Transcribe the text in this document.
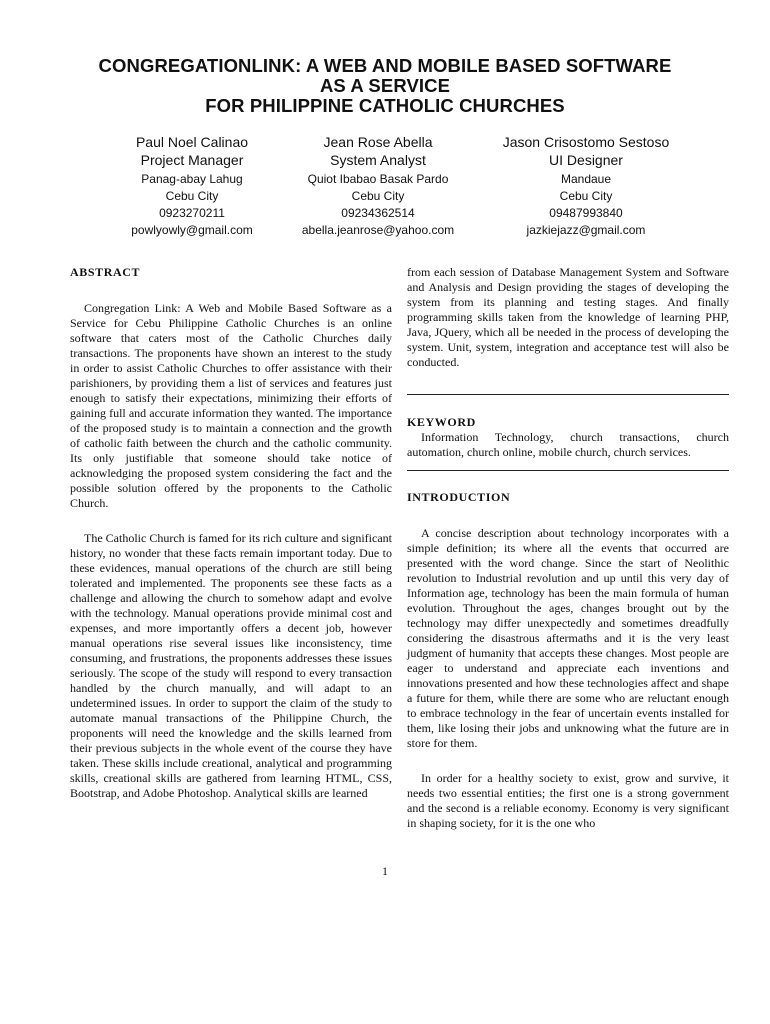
CONGREGATIONLINK: A WEB AND MOBILE BASED SOFTWARE
AS A SERVICE
FOR PHILIPPINE CATHOLIC CHURCHES
Paul Noel Calinao
Project Manager
Panag-abay Lahug
Cebu City
0923270211
powlyowly@gmail.com
Jean Rose Abella
System Analyst
Quiot Ibabao Basak Pardo
Cebu City
09234362514
abella.jeanrose@yahoo.com
Jason Crisostomo Sestoso
UI Designer
Mandaue
Cebu City
09487993840
jazkiejazz@gmail.com
ABSTRACT

Congregation Link: A Web and Mobile Based Software as a Service for Cebu Philippine Catholic Churches is an online software that caters most of the Catholic Churches daily transactions. The proponents have shown an interest to the study in order to assist Catholic Churches to offer assistance with their parishioners, by providing them a list of services and features just enough to satisfy their expectations, minimizing their efforts of gaining full and accurate information they wanted. The importance of the proposed study is to maintain a connection and the growth of catholic faith between the church and the catholic community. Its only justifiable that someone should take notice of acknowledging the proposed system considering the fact and the possible solution offered by the proponents to the Catholic Church.

The Catholic Church is famed for its rich culture and significant history, no wonder that these facts remain important today. Due to these evidences, manual operations of the church are still being tolerated and implemented. The proponents see these facts as a challenge and allowing the church to somehow adapt and evolve with the technology. Manual operations provide minimal cost and expenses, and more importantly offers a decent job, however manual operations rise several issues like inconsistency, time consuming, and frustrations, the proponents addresses these issues seriously. The scope of the study will respond to every transaction handled by the church manually, and will adapt to an undetermined issues. In order to support the claim of the study to automate manual transactions of the Philippine Church, the proponents will need the knowledge and the skills learned from their previous subjects in the whole event of the course they have taken. These skills include creational, analytical and programming skills, creational skills are gathered from learning HTML, CSS, Bootstrap, and Adobe Photoshop. Analytical skills are learned

from each session of Database Management System and Software and Analysis and Design providing the stages of developing the system from its planning and testing stages. And finally programming skills taken from the knowledge of learning PHP, Java, JQuery, which all be needed in the process of developing the system. Unit, system, integration and acceptance test will also be conducted.

KEYWORD

Information Technology, church transactions, church automation, church online, mobile church, church services.

INTRODUCTION

A concise description about technology incorporates with a simple definition; its where all the events that occurred are presented with the word change. Since the start of Neolithic revolution to Industrial revolution and up until this very day of Information age, technology has been the main formula of human evolution. Throughout the ages, changes brought out by the technology may differ unexpectedly and sometimes dreadfully considering the disastrous aftermaths and it is the very least judgment of humanity that accepts these changes. Most people are eager to understand and appreciate each inventions and innovations presented and how these technologies affect and shape a future for them, while there are some who are reluctant enough to embrace technology in the fear of uncertain events installed for them, like losing their jobs and unknowing what the future are in store for them.

In order for a healthy society to exist, grow and survive, it needs two essential entities; the first one is a strong government and the second is a reliable economy. Economy is very significant in shaping society, for it is the one who

1
